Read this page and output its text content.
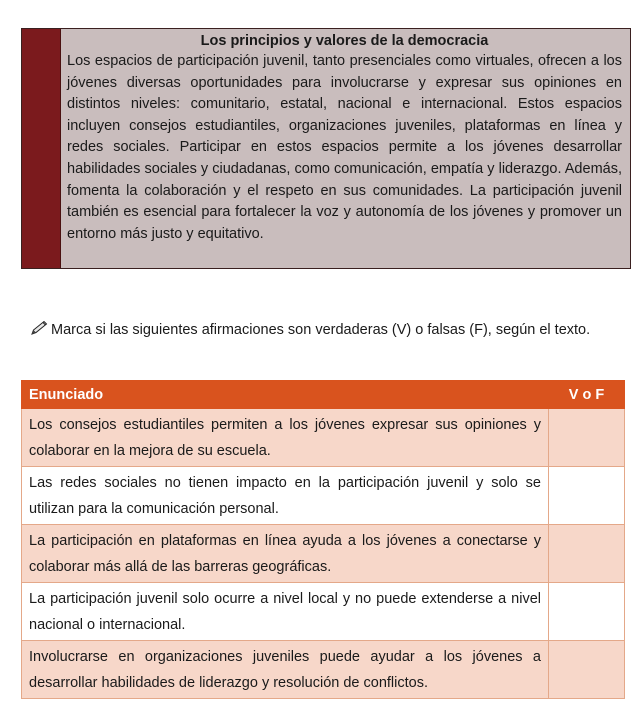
Los principios y valores de la democracia
Los espacios de participación juvenil, tanto presenciales como virtuales, ofrecen a los jóvenes diversas oportunidades para involucrarse y expresar sus opiniones en distintos niveles: comunitario, estatal, nacional e internacional. Estos espacios incluyen consejos estudiantiles, organizaciones juveniles, plataformas en línea y redes sociales. Participar en estos espacios permite a los jóvenes desarrollar habilidades sociales y ciudadanas, como comunicación, empatía y liderazgo. Además, fomenta la colaboración y el respeto en sus comunidades. La participación juvenil también es esencial para fortalecer la voz y autonomía de los jóvenes y promover un entorno más justo y equitativo.
Marca si las siguientes afirmaciones son verdaderas (V) o falsas (F), según el texto.
Enunciado	V o F
Los consejos estudiantiles permiten a los jóvenes expresar sus opiniones y colaborar en la mejora de su escuela.	
Las redes sociales no tienen impacto en la participación juvenil y solo se utilizan para la comunicación personal.	
La participación en plataformas en línea ayuda a los jóvenes a conectarse y colaborar más allá de las barreras geográficas.	
La participación juvenil solo ocurre a nivel local y no puede extenderse a nivel nacional o internacional.	
Involucrarse en organizaciones juveniles puede ayudar a los jóvenes a desarrollar habilidades de liderazgo y resolución de conflictos.	
